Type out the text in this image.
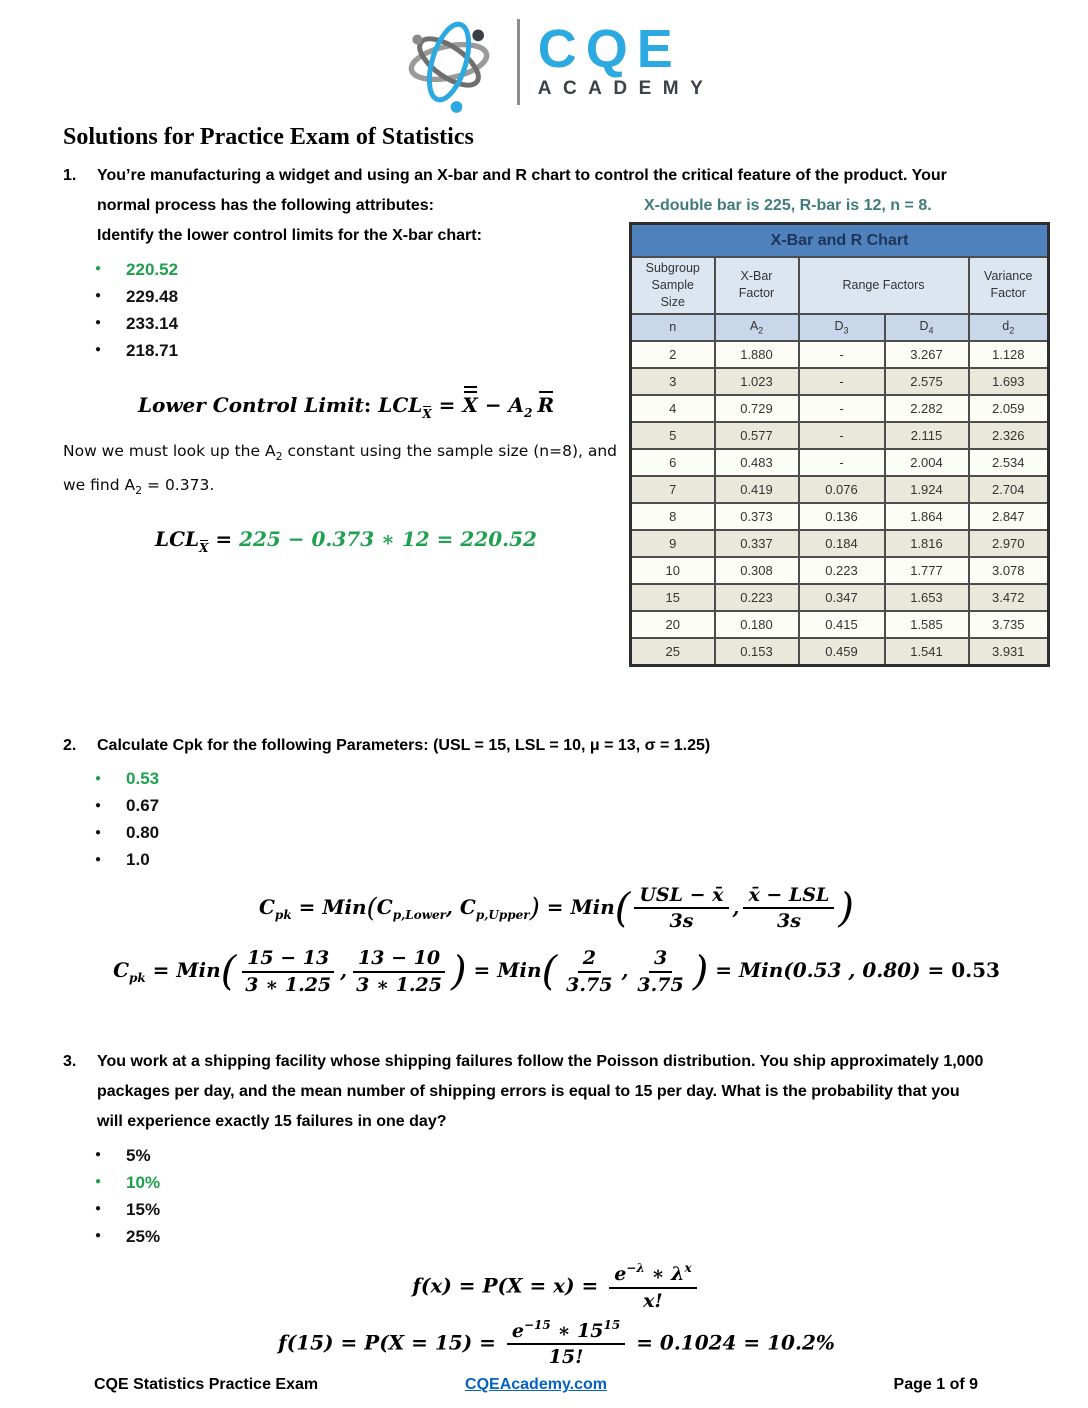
CQE
ACADEMY
Solutions for Practice Exam of Statistics
1.	You’re manufacturing a widget and using an X-bar and R chart to control the critical feature of the product. Your
normal process has the following attributes:	X-double bar is 225, R-bar is 12, n = 8.
Identify the lower control limits for the X-bar chart:
● 220.52
● 229.48
● 233.14
● 218.71
Lower Control Limit: LCLX = $X - A_2$ R

Now we must look up the $A_2$ constant using the sample size (n=8), and we find $A_2 = 0.373$.

LCLX = 225 − 0.373 ∗ 12 = 220.52
X-Bar and R Chart				
Subgroup Sample Size	X-Bar Factor	Range Factors		Variance Factor
n	$A_2$	$D_3$	$D_4$	$d_2$
2	1.880	-	3.267	1.128
3	1.023	-	2.575	1.693
4	0.729	-	2.282	2.059
5	0.577	-	2.115	2.326
6	0.483	-	2.004	2.534
7	0.419	0.076	1.924	2.704
8	0.373	0.136	1.864	2.847
9	0.337	0.184	1.816	2.970
10	0.308	0.223	1.777	3.078
15	0.223	0.347	1.653	3.472
20	0.180	0.415	1.585	3.735
25	0.153	0.459	1.541	3.931
2.	Calculate Cpk for the following Parameters: (USL = 15, LSL = 10, μ = 13, σ = 1.25)
● 0.53
● 0.67
● 0.80
● 1.0
$C_{pk} = Min(C_{p,Lower}$, $C_{p,Upper}) = Min( \frac{\text{USL − x̄}}{3s}$ , $\frac{\text{x̄ − LSL}}{3s}$ )
$C_{pk} = Min( \frac{15 - 13}{3 ∗ 1.25}$ , $\frac{13 - 10}{3 ∗ 1.25}$ ) = $Min( \frac{2}{3.75}$ , $\frac{3}{3.75}$ ) = Min(0.53 , 0.80) = 0.53
3.	You work at a shipping facility whose shipping failures follow the Poisson distribution. You ship approximately 1,000
packages per day, and the mean number of shipping errors is equal to 15 per day. What is the probability that you
will experience exactly 15 failures in one day?
● 5%
● 10%
● 15%
● 25%
$f(x) = P(X = x) = \frac{e^{-\lambda} ∗ \lambda^x}{x!}$
$f(15) = P(X = 15) = \frac{e^{-15} ∗ 15^{15}}{15!} = 0.1024 = 10.2\%$
CQE Statistics Practice Exam	CQEAcademy.com	Page 1 of 9
